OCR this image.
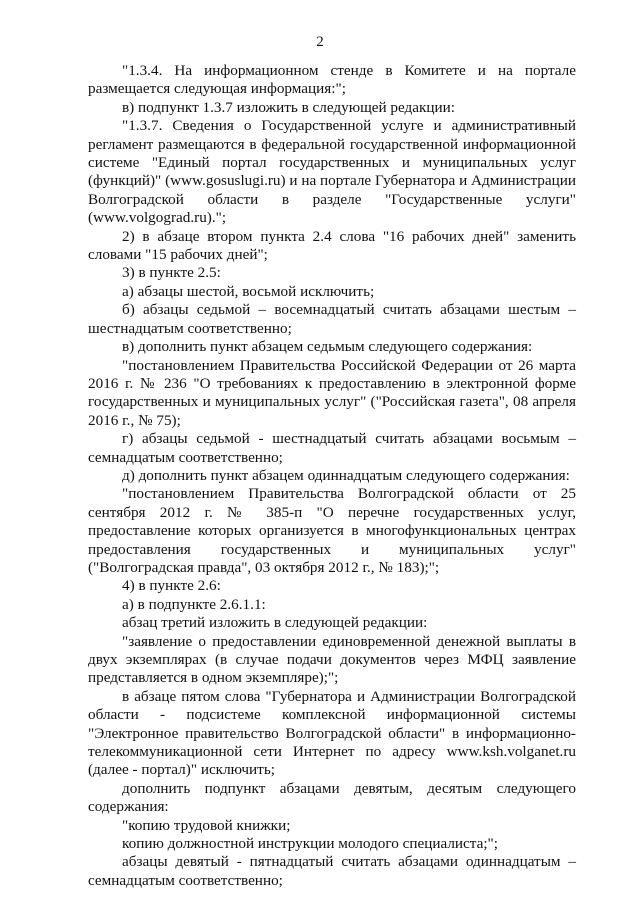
2

"1.3.4. На информационном стенде в Комитете и на портале размещается следующая информация:";

в) подпункт 1.3.7 изложить в следующей редакции:

"1.3.7. Сведения о Государственной услуге и административный регламент размещаются в федеральной государственной информационной системе "Единый портал государственных и муниципальных услуг (функций)" (www.gosuslugi.ru) и на портале Губернатора и Администрации Волгоградской области в разделе "Государственные услуги" (www.volgograd.ru).";

2) в абзаце втором пункта 2.4 слова "16 рабочих дней" заменить словами "15 рабочих дней";

3) в пункте 2.5:

а) абзацы шестой, восьмой исключить;

б) абзацы седьмой – восемнадцатый считать абзацами шестым – шестнадцатым соответственно;

в) дополнить пункт абзацем седьмым следующего содержания:

"постановлением Правительства Российской Федерации от 26 марта 2016 г. № 236 "О требованиях к предоставлению в электронной форме государственных и муниципальных услуг" ("Российская газета", 08 апреля 2016 г., № 75);

г) абзацы седьмой - шестнадцатый считать абзацами восьмым – семнадцатым соответственно;

д) дополнить пункт абзацем одиннадцатым следующего содержания:

"постановлением Правительства Волгоградской области от 25 сентября 2012 г. № 385-п "О перечне государственных услуг, предоставление которых организуется в многофункциональных центрах предоставления государственных и муниципальных услуг" ("Волгоградская правда", 03 октября 2012 г., № 183);";

4) в пункте 2.6:

а) в подпункте 2.6.1.1:

абзац третий изложить в следующей редакции:

"заявление о предоставлении единовременной денежной выплаты в двух экземплярах (в случае подачи документов через МФЦ заявление представляется в одном экземпляре);";

в абзаце пятом слова "Губернатора и Администрации Волгоградской области - подсистеме комплексной информационной системы "Электронное правительство Волгоградской области" в информационно-телекоммуникационной сети Интернет по адресу www.ksh.volganet.ru (далее - портал)" исключить;

дополнить подпункт абзацами девятым, десятым следующего содержания:

"копию трудовой книжки;

копию должностной инструкции молодого специалиста;";

абзацы девятый - пятнадцатый считать абзацами одиннадцатым – семнадцатым соответственно;
